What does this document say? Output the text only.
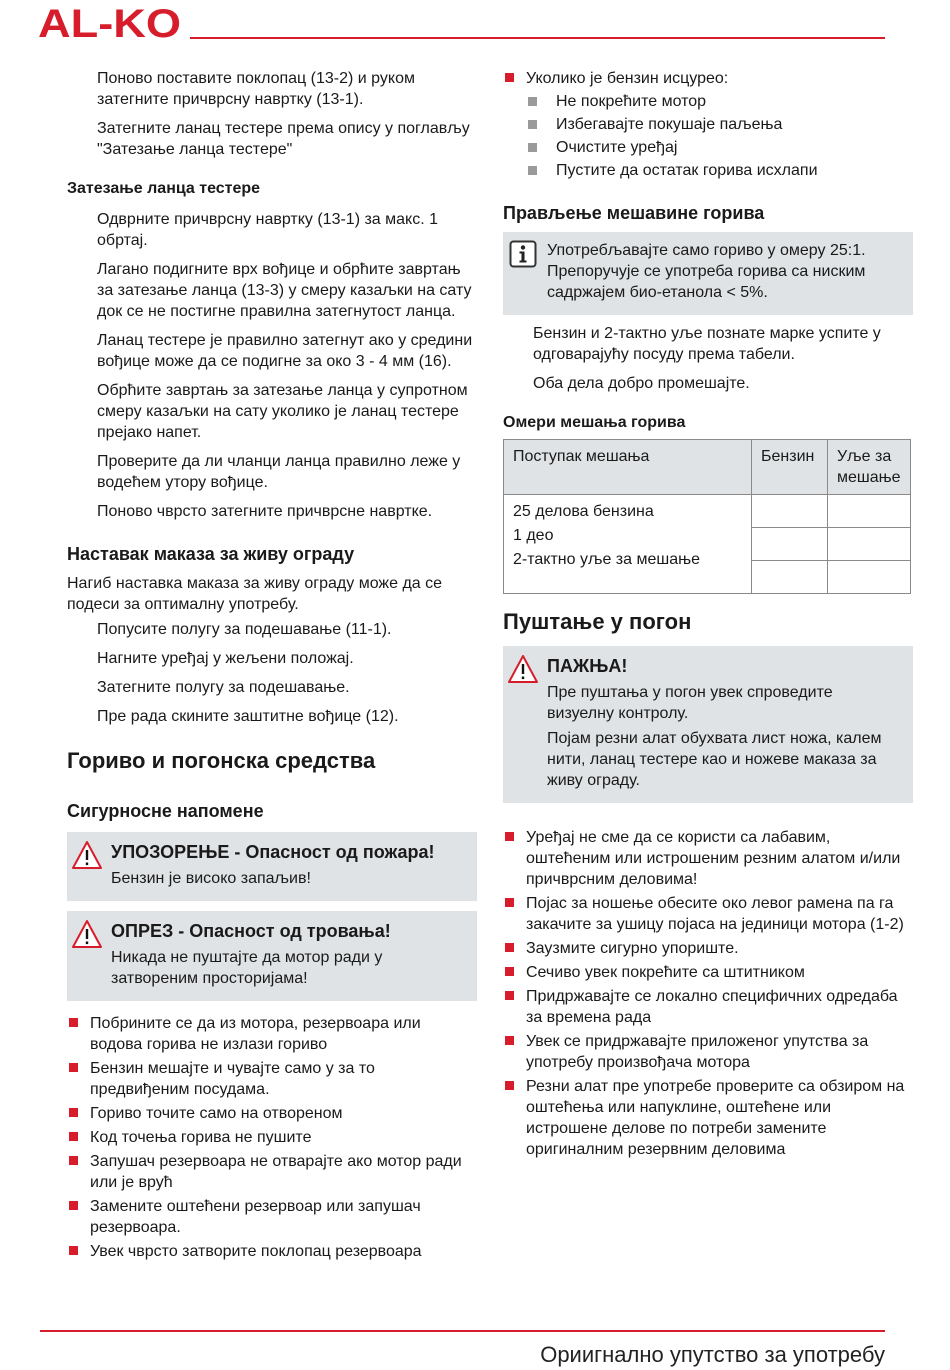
AL-KO

Поново поставите поклопац (13-2) и руком затегните причврсну навртку (13-1).

Затегните ланац тестере према опису у поглављу "Затезање ланца тестере"

Затезање ланца тестере

Одврните причврсну навртку (13-1) за макс. 1 обртај.

Лагано подигните врх вођице и обрћите завртањ за затезање ланца (13-3) у смеру казаљки на сату док се не постигне правилна затегнутост ланца.

Ланац тестере је правилно затегнут ако у средини вођице може да се подигне за око 3 - 4 мм (16).

Обрћите завртањ за затезање ланца у супротном смеру казаљки на сату уколико је ланац тестере прејако напет.

Проверите да ли чланци ланца правилно леже у водећем утору вођице.

Поново чврсто затегните причврсне навртке.

Наставак маказа за живу ограду

Нагиб наставка маказа за живу ограду може да се подеси за оптималну употребу.

Попусите полугу за подешавање (11-1).

Нагните уређај у жељени положај.

Затегните полугу за подешавање.

Пре рада скините заштитне вођице (12).

Гориво и погонска средства
Сигурносне напомене
УПОЗОРЕЊЕ - Опасност од пожара!

Бензин је високо запаљив!

ОПРЕЗ - Опасност од тровања!

Никада не пуштајте да мотор ради у затвореним просторијама!

Побрините се да из мотора, резервоара или водова горива не излази гориво
Бензин мешајте и чувајте само у за то предвиђеним посудама.
Гориво точите само на отвореном
Код точења горива не пушите
Запушач резервоара не отварајте ако мотор ради или је врућ
Замените оштећени резервоар или запушач резервоара.
Увек чврсто затворите поклопац резервоара
Уколико је бензин исцурео:
Не покрећите мотор
Избегавајте покушаје паљења
Очистите уређај
Пустите да остатак горива исхлапи
Прављење мешавине горива

Употребљавајте само гориво у омеру 25:1. Препоручује се употреба горива са ниским садржајем био-етанола < 5%.

Бензин и 2-тактно уље познате марке успите у одговарајућу посуду према табели.

Оба дела добро промешајте.

Омери мешања горива
Поступак мешања	Бензин	Уље за мешање

25 делова бензина
1 део
2-тактно уље за мешање		

Пуштање у погон
ПАЖЊА!

Пре пуштања у погон увек спроведите визуелну контролу.

Појам резни алат обухвата лист ножа, калем нити, ланац тестере као и ножеве маказа за живу ограду.

Уређај не сме да се користи са лабавим, оштећеним или истрошеним резним алатом и/или причврсним деловима!
Појас за ношење обесите око левог рамена па га закачите за ушицу појаса на јединици мотора (1-2)
Заузмите сигурно упориште.
Сечиво увек покрећите са штитником
Придржавајте се локално специфичних одредаба за времена рада
Увек се придржавајте приложеног упутства за употребу произвођача мотора
Резни алат пре употребе проверите са обзиром на оштећења или напуклине, оштећене или истрошене делове по потреби замените оригиналним резервним деловима
Ориигнално упутство за употребу
